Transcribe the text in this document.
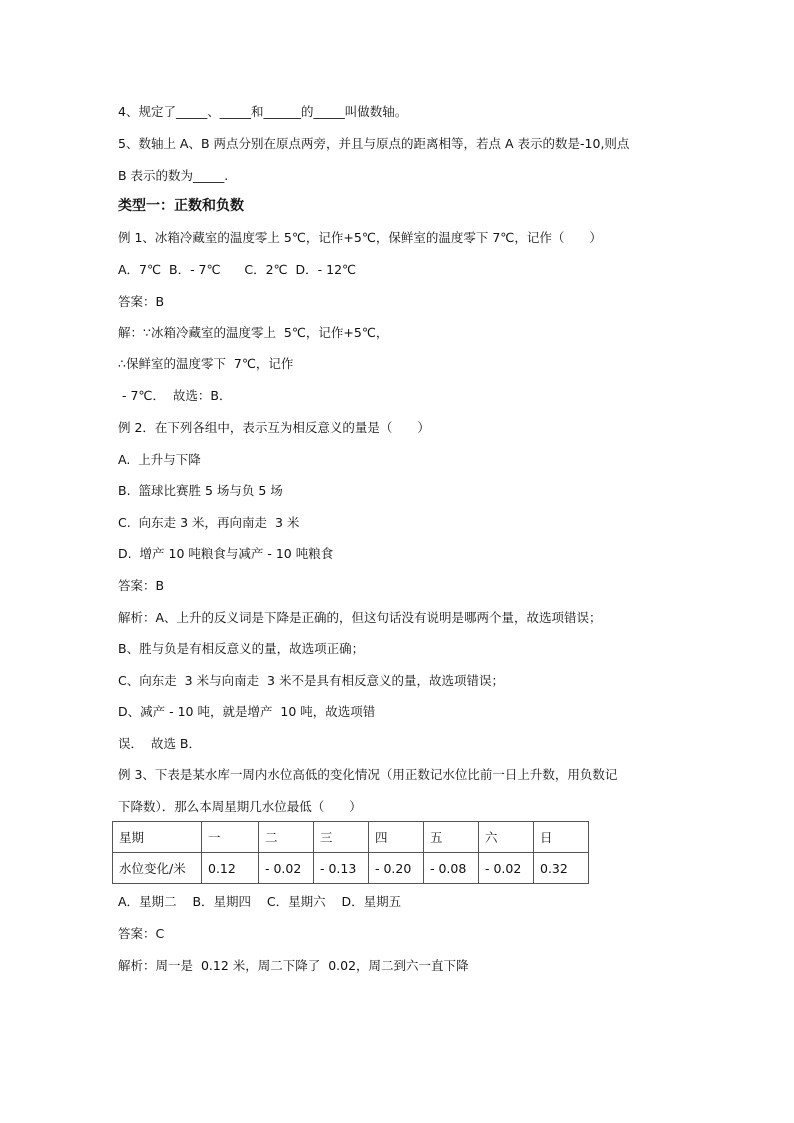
4、规定了_____、_____和______的_____叫做数轴。
5、数轴上 A、B 两点分别在原点两旁，并且与原点的距离相等，若点 A 表示的数是-10,则点
B 表示的数为_____.
类型一：正数和负数
例 1、冰箱冷藏室的温度零上 5℃，记作+5℃，保鲜室的温度零下 7℃，记作（　　）
A．7℃  B．- 7℃      C．2℃  D．- 12℃
答案：B
解：∵冰箱冷藏室的温度零上  5℃，记作+5℃，
∴保鲜室的温度零下  7℃，记作
- 7℃．  故选：B．
例 2．在下列各组中，表示互为相反意义的量是（　　）
A.  上升与下降
B.  篮球比赛胜 5 场与负 5 场
C.  向东走 3 米，再向南走  3 米
D.  增产 10 吨粮食与减产 - 10 吨粮食
答案：B
解析：A、上升的反义词是下降是正确的，但这句话没有说明是哪两个量，故选项错误；
B、胜与负是有相反意义的量，故选项正确；
C、向东走  3 米与向南走  3 米不是具有相反意义的量，故选项错误；
D、减产 - 10 吨，就是增产  10 吨，故选项错
误．  故选 B．
例 3、下表是某水库一周内水位高低的变化情况（用正数记水位比前一日上升数，用负数记
下降数）．那么本周星期几水位最低（　　）
星期	一	二	三	四	五	六	日
水位变化/米	0.12	- 0.02	- 0.13	- 0.20	- 0.08	- 0.02	0.32
A．星期二    B．星期四    C．星期六    D．星期五
答案：C
解析：周一是  0.12 米，周二下降了  0.02，周二到六一直下降
